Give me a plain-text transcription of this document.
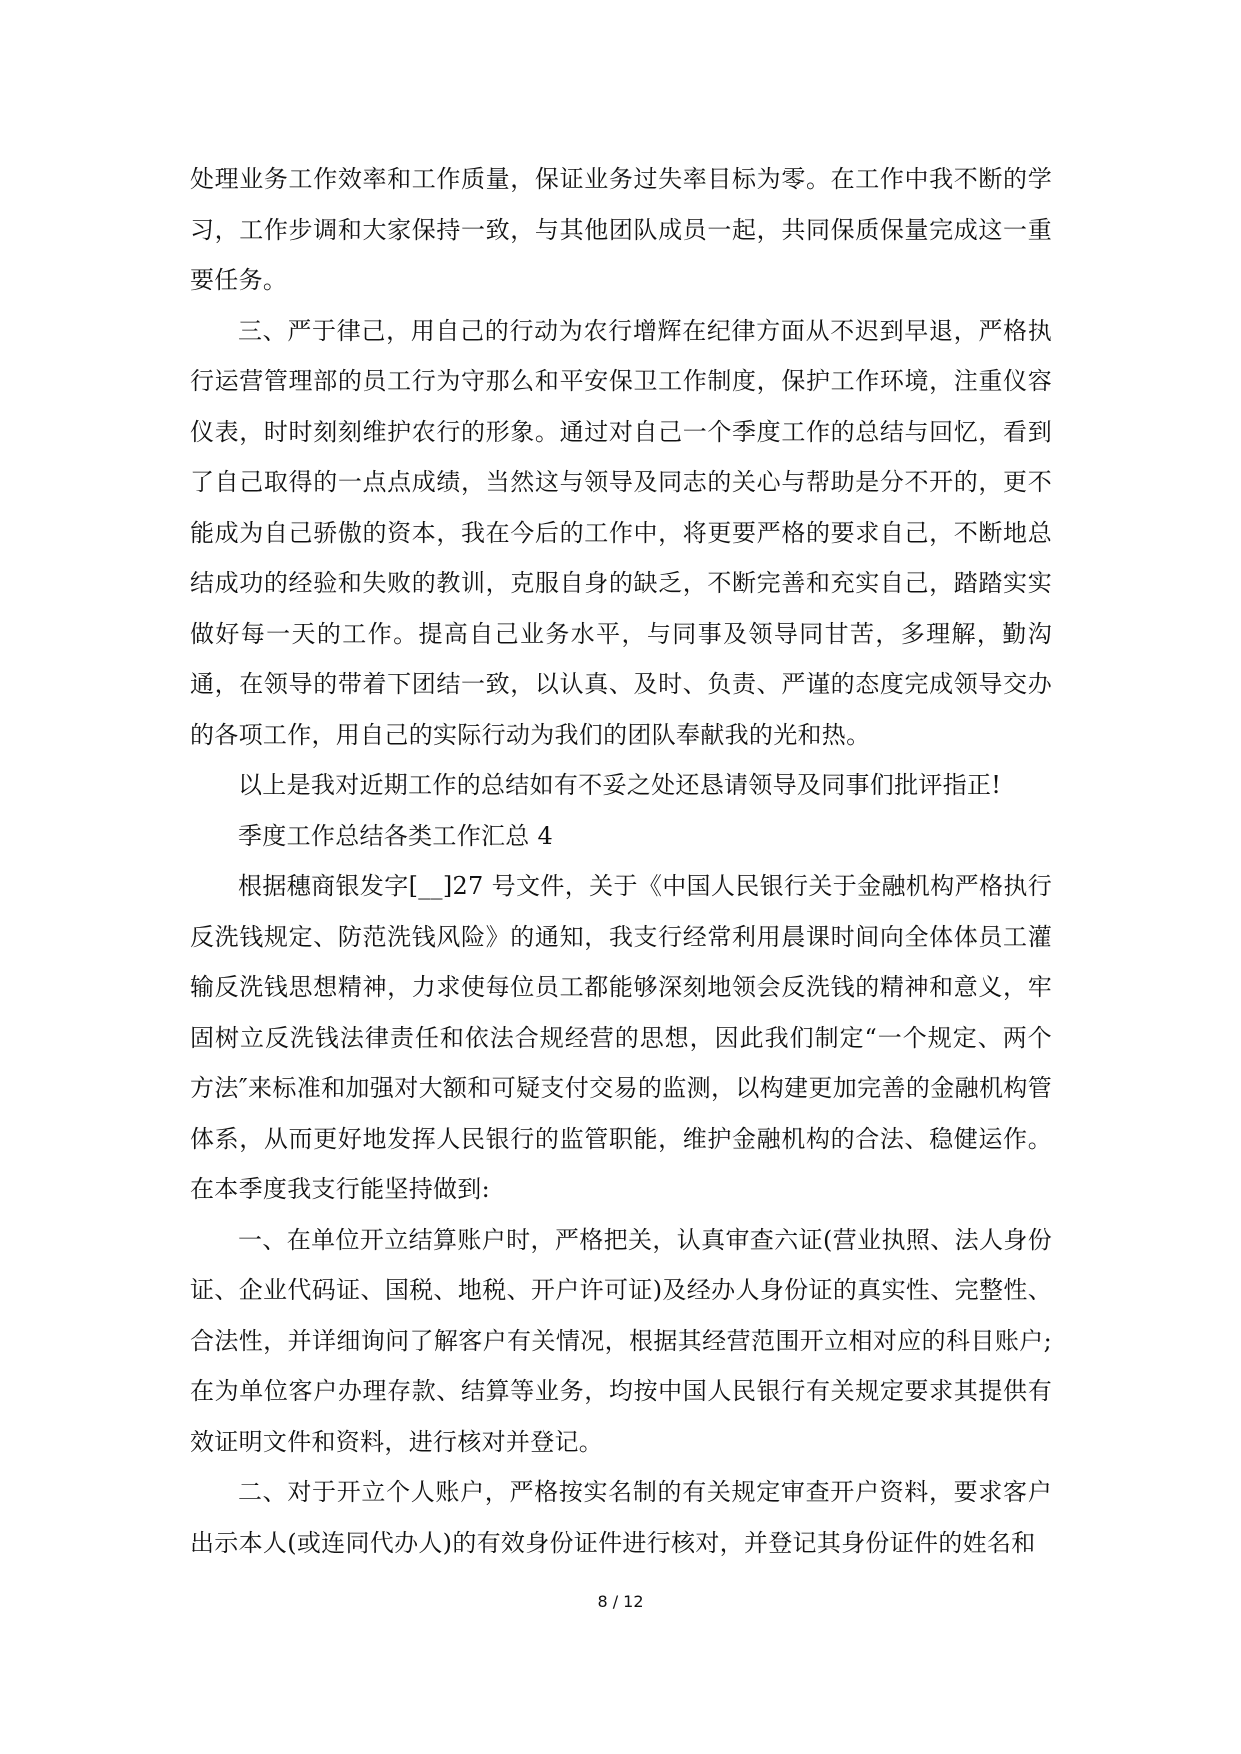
处理业务工作效率和工作质量，保证业务过失率目标为零。在工作中我不断的学习，工作步调和大家保持一致，与其他团队成员一起，共同保质保量完成这一重要任务。

三、严于律己，用自己的行动为农行增辉在纪律方面从不迟到早退，严格执行运营管理部的员工行为守那么和平安保卫工作制度，保护工作环境，注重仪容仪表，时时刻刻维护农行的形象。通过对自己一个季度工作的总结与回忆，看到了自己取得的一点点成绩，当然这与领导及同志的关心与帮助是分不开的，更不能成为自己骄傲的资本，我在今后的工作中，将更要严格的要求自己，不断地总结成功的经验和失败的教训，克服自身的缺乏，不断完善和充实自己，踏踏实实做好每一天的工作。提高自己业务水平，与同事及领导同甘苦，多理解，勤沟通，在领导的带着下团结一致，以认真、及时、负责、严谨的态度完成领导交办的各项工作，用自己的实际行动为我们的团队奉献我的光和热。

以上是我对近期工作的总结如有不妥之处还恳请领导及同事们批评指正!

季度工作总结各类工作汇总 4

根据穗商银发字[__]27 号文件，关于《中国人民银行关于金融机构严格执行反洗钱规定、防范洗钱风险》的通知，我支行经常利用晨课时间向全体体员工灌输反洗钱思想精神，力求使每位员工都能够深刻地领会反洗钱的精神和意义，牢固树立反洗钱法律责任和依法合规经营的思想，因此我们制定“一个规定、两个方法″来标准和加强对大额和可疑支付交易的监测，以构建更加完善的金融机构管体系，从而更好地发挥人民银行的监管职能，维护金融机构的合法、稳健运作。在本季度我支行能坚持做到:

一、在单位开立结算账户时，严格把关，认真审查六证(营业执照、法人身份证、企业代码证、国税、地税、开户许可证)及经办人身份证的真实性、完整性、合法性，并详细询问了解客户有关情况，根据其经营范围开立相对应的科目账户;在为单位客户办理存款、结算等业务，均按中国人民银行有关规定要求其提供有效证明文件和资料，进行核对并登记。

二、对于开立个人账户，严格按实名制的有关规定审查开户资料，要求客户出示本人(或连同代办人)的有效身份证件进行核对，并登记其身份证件的姓名和

8 / 12
